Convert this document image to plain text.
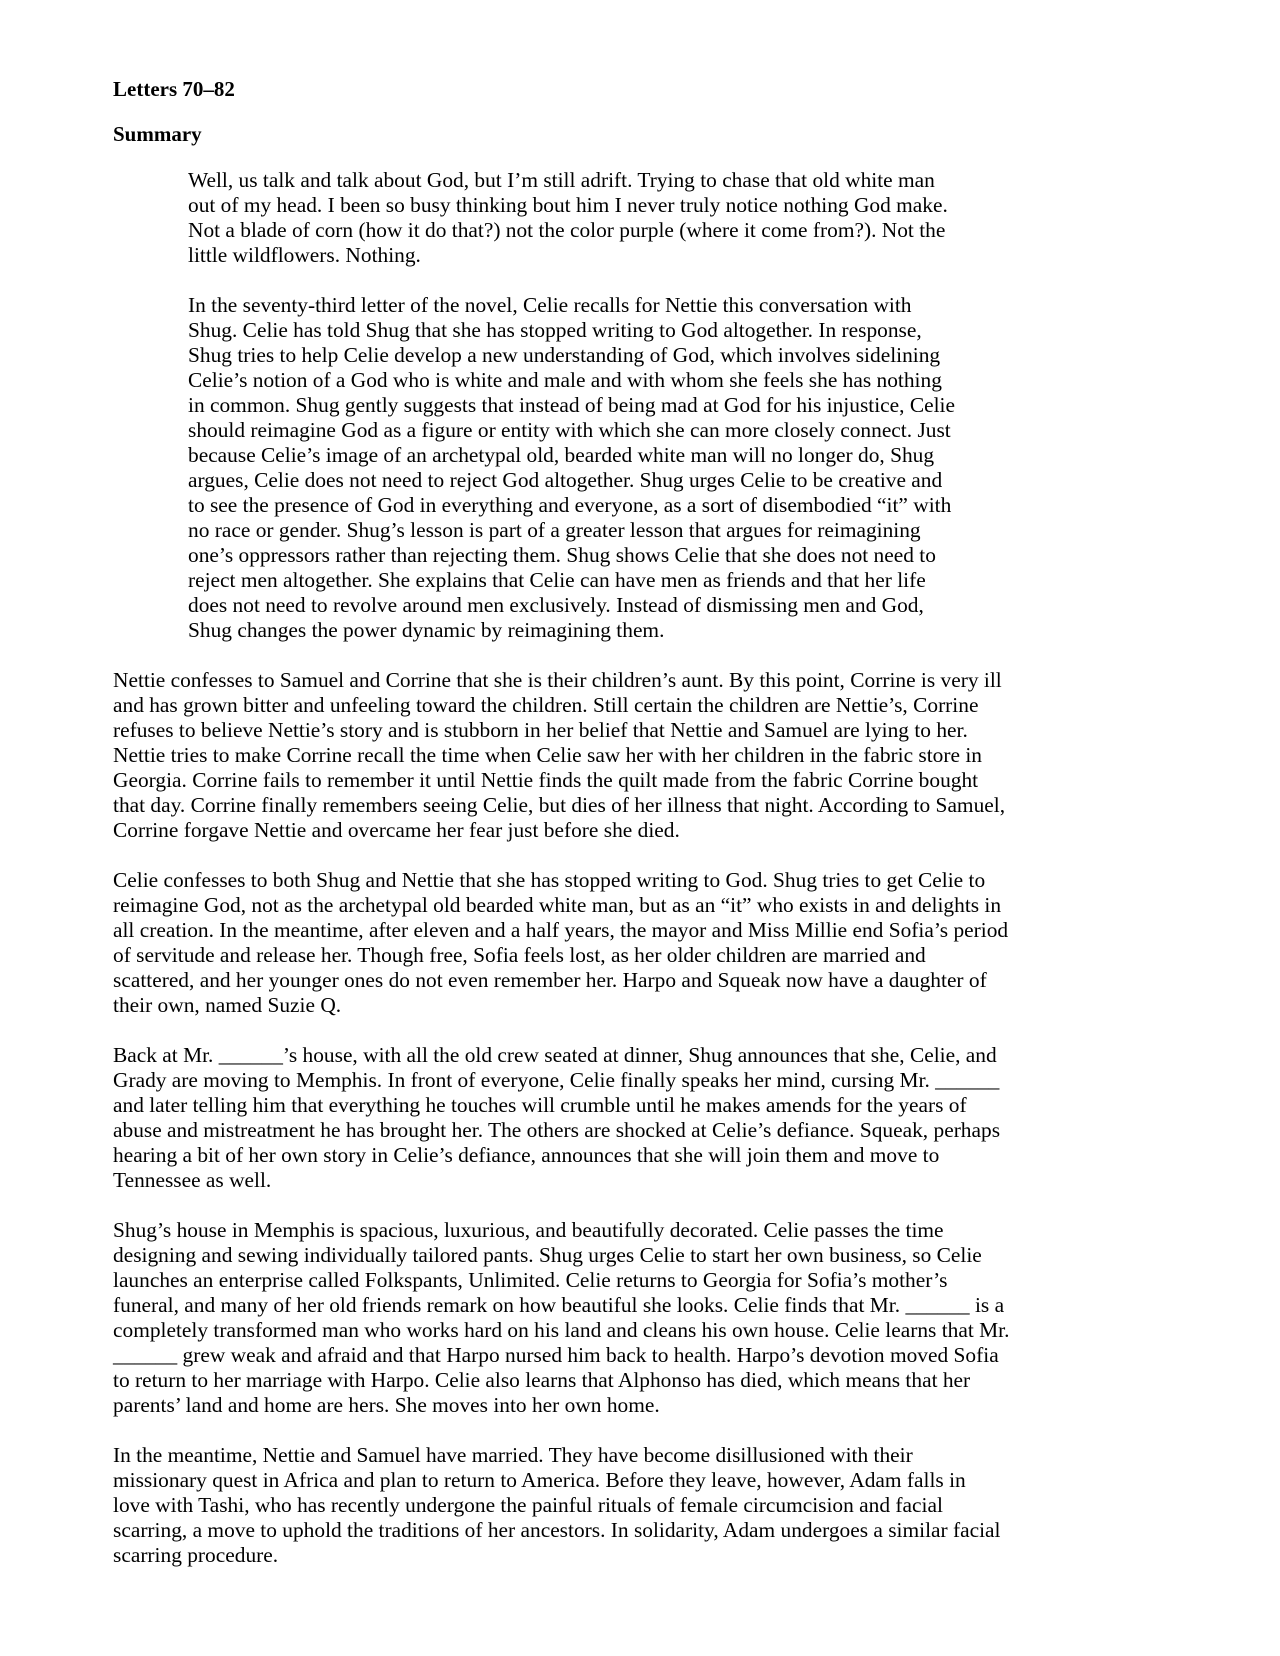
Letters 70–82
Summary

Well, us talk and talk about God, but I’m still adrift. Trying to chase that old white man
out of my head. I been so busy thinking bout him I never truly notice nothing God make.
Not a blade of corn (how it do that?) not the color purple (where it come from?). Not the
little wildflowers. Nothing.

In the seventy-third letter of the novel, Celie recalls for Nettie this conversation with
Shug. Celie has told Shug that she has stopped writing to God altogether. In response,
Shug tries to help Celie develop a new understanding of God, which involves sidelining
Celie’s notion of a God who is white and male and with whom she feels she has nothing
in common. Shug gently suggests that instead of being mad at God for his injustice, Celie
should reimagine God as a figure or entity with which she can more closely connect. Just
because Celie’s image of an archetypal old, bearded white man will no longer do, Shug
argues, Celie does not need to reject God altogether. Shug urges Celie to be creative and
to see the presence of God in everything and everyone, as a sort of disembodied “it” with
no race or gender. Shug’s lesson is part of a greater lesson that argues for reimagining
one’s oppressors rather than rejecting them. Shug shows Celie that she does not need to
reject men altogether. She explains that Celie can have men as friends and that her life
does not need to revolve around men exclusively. Instead of dismissing men and God,
Shug changes the power dynamic by reimagining them.

Nettie confesses to Samuel and Corrine that she is their children’s aunt. By this point, Corrine is very ill
and has grown bitter and unfeeling toward the children. Still certain the children are Nettie’s, Corrine
refuses to believe Nettie’s story and is stubborn in her belief that Nettie and Samuel are lying to her.
Nettie tries to make Corrine recall the time when Celie saw her with her children in the fabric store in
Georgia. Corrine fails to remember it until Nettie finds the quilt made from the fabric Corrine bought
that day. Corrine finally remembers seeing Celie, but dies of her illness that night. According to Samuel,
Corrine forgave Nettie and overcame her fear just before she died.

Celie confesses to both Shug and Nettie that she has stopped writing to God. Shug tries to get Celie to
reimagine God, not as the archetypal old bearded white man, but as an “it” who exists in and delights in
all creation. In the meantime, after eleven and a half years, the mayor and Miss Millie end Sofia’s period
of servitude and release her. Though free, Sofia feels lost, as her older children are married and
scattered, and her younger ones do not even remember her. Harpo and Squeak now have a daughter of
their own, named Suzie Q.

Back at Mr. ______’s house, with all the old crew seated at dinner, Shug announces that she, Celie, and
Grady are moving to Memphis. In front of everyone, Celie finally speaks her mind, cursing Mr. ______
and later telling him that everything he touches will crumble until he makes amends for the years of
abuse and mistreatment he has brought her. The others are shocked at Celie’s defiance. Squeak, perhaps
hearing a bit of her own story in Celie’s defiance, announces that she will join them and move to
Tennessee as well.

Shug’s house in Memphis is spacious, luxurious, and beautifully decorated. Celie passes the time
designing and sewing individually tailored pants. Shug urges Celie to start her own business, so Celie
launches an enterprise called Folkspants, Unlimited. Celie returns to Georgia for Sofia’s mother’s
funeral, and many of her old friends remark on how beautiful she looks. Celie finds that Mr. ______ is a
completely transformed man who works hard on his land and cleans his own house. Celie learns that Mr.
______ grew weak and afraid and that Harpo nursed him back to health. Harpo’s devotion moved Sofia
to return to her marriage with Harpo. Celie also learns that Alphonso has died, which means that her
parents’ land and home are hers. She moves into her own home.

In the meantime, Nettie and Samuel have married. They have become disillusioned with their
missionary quest in Africa and plan to return to America. Before they leave, however, Adam falls in
love with Tashi, who has recently undergone the painful rituals of female circumcision and facial
scarring, a move to uphold the traditions of her ancestors. In solidarity, Adam undergoes a similar facial
scarring procedure.
